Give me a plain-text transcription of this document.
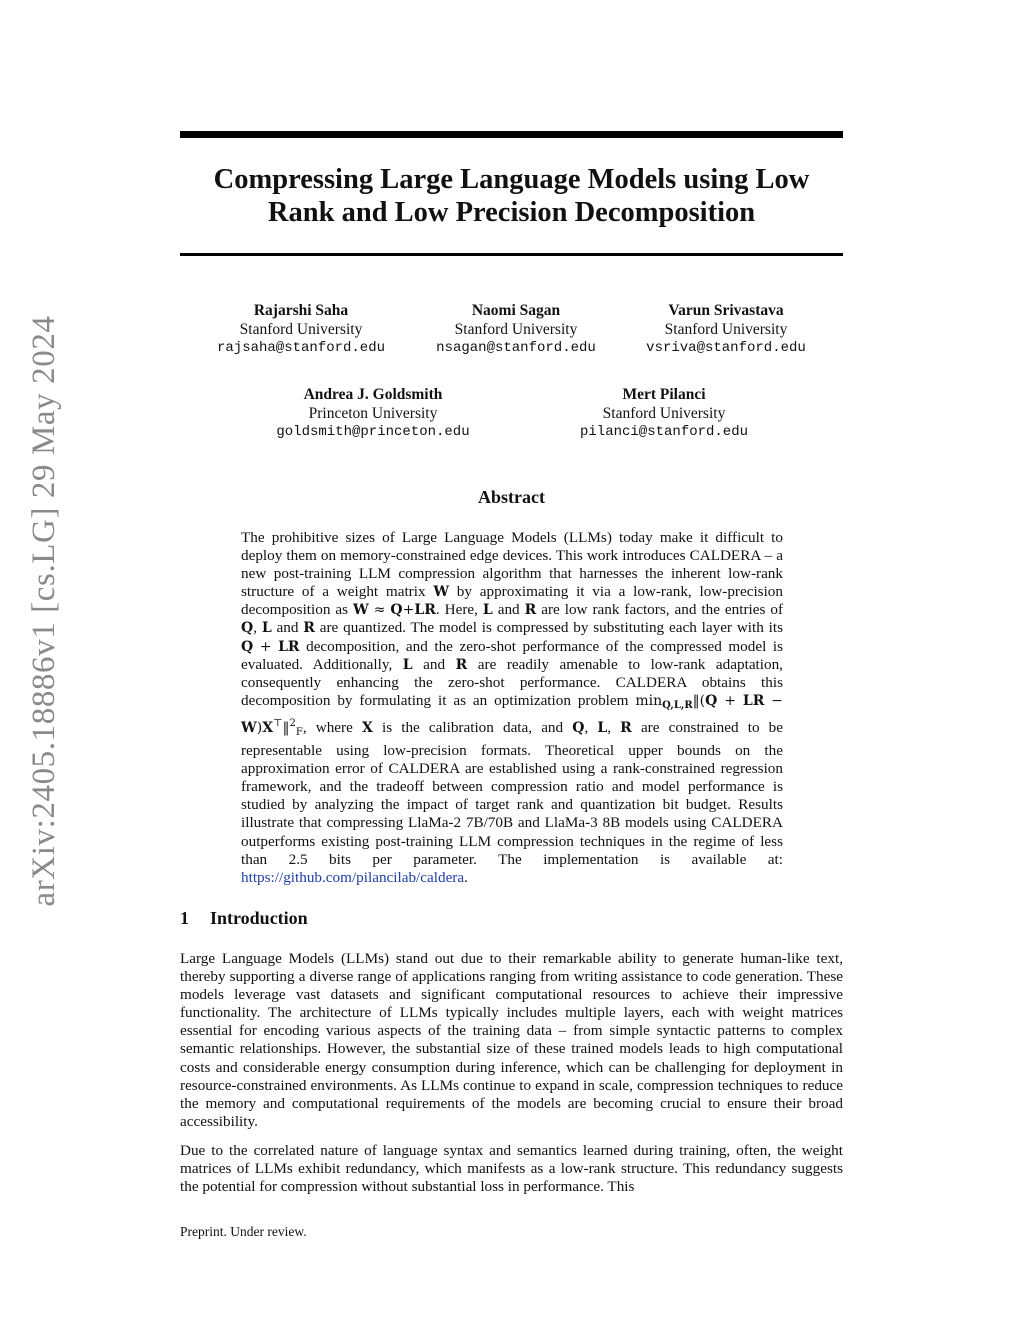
arXiv:2405.18886v1 [cs.LG] 29 May 2024
Compressing Large Language Models using Low
Rank and Low Precision Decomposition
Rajarshi Saha
Stanford University
rajsaha@stanford.edu
Naomi Sagan
Stanford University
nsagan@stanford.edu
Varun Srivastava
Stanford University
vsriva@stanford.edu
Andrea J. Goldsmith
Princeton University
goldsmith@princeton.edu
Mert Pilanci
Stanford University
pilanci@stanford.edu
Abstract

The prohibitive sizes of Large Language Models (LLMs) today make it difficult to deploy them on memory-constrained edge devices. This work introduces CALDERA – a new post-training LLM compression algorithm that harnesses the inherent low-rank structure of a weight matrix W by approximating it via a low-rank, low-precision decomposition as W ≈ Q+LR. Here, L and R are low rank factors, and the entries of Q, L and R are quantized. The model is compressed by substituting each layer with its Q + LR decomposition, and the zero-shot performance of the compressed model is evaluated. Additionally, L and R are readily amenable to low-rank adaptation, consequently enhancing the zero-shot performance. CALDERA obtains this decomposition by formulating it as an optimization problem $\min_{Q,L,R}‖(Q$ + LR − W)X⊤‖$^2_F$, where X is the calibration data, and Q, L, R are constrained to be representable using low-precision formats. Theoretical upper bounds on the approximation error of CALDERA are established using a rank-constrained regression framework, and the tradeoff between compression ratio and model performance is studied by analyzing the impact of target rank and quantization bit budget. Results illustrate that compressing LlaMa-2 7B/70B and LlaMa-3 8B models using CALDERA outperforms existing post-training LLM compression techniques in the regime of less than 2.5 bits per parameter. The implementation is available at: https://github.com/pilancilab/caldera.

1 Introduction

Large Language Models (LLMs) stand out due to their remarkable ability to generate human-like text, thereby supporting a diverse range of applications ranging from writing assistance to code generation. These models leverage vast datasets and significant computational resources to achieve their impressive functionality. The architecture of LLMs typically includes multiple layers, each with weight matrices essential for encoding various aspects of the training data – from simple syntactic patterns to complex semantic relationships. However, the substantial size of these trained models leads to high computational costs and considerable energy consumption during inference, which can be challenging for deployment in resource-constrained environments. As LLMs continue to expand in scale, compression techniques to reduce the memory and computational requirements of the models are becoming crucial to ensure their broad accessibility.

Due to the correlated nature of language syntax and semantics learned during training, often, the weight matrices of LLMs exhibit redundancy, which manifests as a low-rank structure. This redundancy suggests the potential for compression without substantial loss in performance. This

Preprint. Under review.
